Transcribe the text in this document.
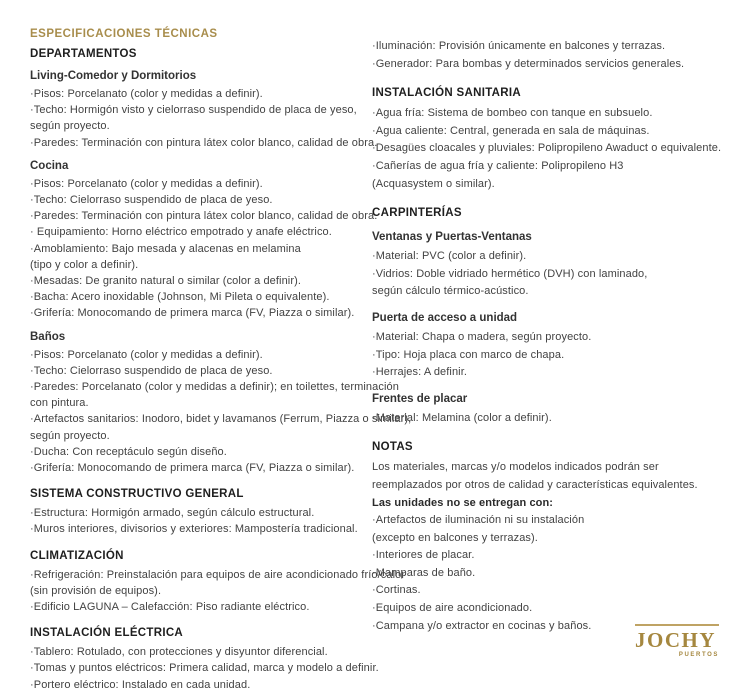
ESPECIFICACIONES TÉCNICAS
DEPARTAMENTOS
Living-Comedor y Dormitorios
·Pisos: Porcelanato (color y medidas a definir).
·Techo: Hormigón visto y cielorraso suspendido de placa de yeso,
según proyecto.
·Paredes: Terminación con pintura látex color blanco, calidad de obra.
Cocina
·Pisos: Porcelanato (color y medidas a definir).
·Techo: Cielorraso suspendido de placa de yeso.
·Paredes: Terminación con pintura látex color blanco, calidad de obra.
· Equipamiento: Horno eléctrico empotrado y anafe eléctrico.
·Amoblamiento: Bajo mesada y alacenas en melamina
(tipo y color a definir).
·Mesadas: De granito natural o similar (color a definir).
·Bacha: Acero inoxidable (Johnson, Mi Pileta o equivalente).
·Grifería: Monocomando de primera marca (FV, Piazza o similar).
Baños
·Pisos: Porcelanato (color y medidas a definir).
·Techo: Cielorraso suspendido de placa de yeso.
·Paredes: Porcelanato (color y medidas a definir); en toilettes, terminación
con pintura.
·Artefactos sanitarios: Inodoro, bidet y lavamanos (Ferrum, Piazza o similar),
según proyecto.
·Ducha: Con receptáculo según diseño.
·Grifería: Monocomando de primera marca (FV, Piazza o similar).
SISTEMA CONSTRUCTIVO GENERAL
·Estructura: Hormigón armado, según cálculo estructural.
·Muros interiores, divisorios y exteriores: Mampostería tradicional.
CLIMATIZACIÓN
·Refrigeración: Preinstalación para equipos de aire acondicionado frío/calor
(sin provisión de equipos).
·Edificio LAGUNA – Calefacción: Piso radiante eléctrico.
INSTALACIÓN ELÉCTRICA
·Tablero: Rotulado, con protecciones y disyuntor diferencial.
·Tomas y puntos eléctricos: Primera calidad, marca y modelo a definir.
·Portero eléctrico: Instalado en cada unidad.
·Iluminación: Provisión únicamente en balcones y terrazas.
·Generador: Para bombas y determinados servicios generales.
INSTALACIÓN SANITARIA
·Agua fría: Sistema de bombeo con tanque en subsuelo.
·Agua caliente: Central, generada en sala de máquinas.
·Desagües cloacales y pluviales: Polipropileno Awaduct o equivalente.
·Cañerías de agua fría y caliente: Polipropileno H3
(Acquasystem o similar).
CARPINTERÍAS
Ventanas y Puertas-Ventanas
·Material: PVC (color a definir).
·Vidrios: Doble vidriado hermético (DVH) con laminado,
según cálculo térmico-acústico.
Puerta de acceso a unidad
·Material: Chapa o madera, según proyecto.
·Tipo: Hoja placa con marco de chapa.
·Herrajes: A definir.
Frentes de placar
·Material: Melamina (color a definir).
NOTAS
Los materiales, marcas y/o modelos indicados podrán ser
reemplazados por otros de calidad y características equivalentes.
Las unidades no se entregan con:
·Artefactos de iluminación ni su instalación
(excepto en balcones y terrazas).
·Interiores de placar.
·Mamparas de baño.
·Cortinas.
·Equipos de aire acondicionado.
·Campana y/o extractor en cocinas y baños.
JOCHY
PUERTOS
